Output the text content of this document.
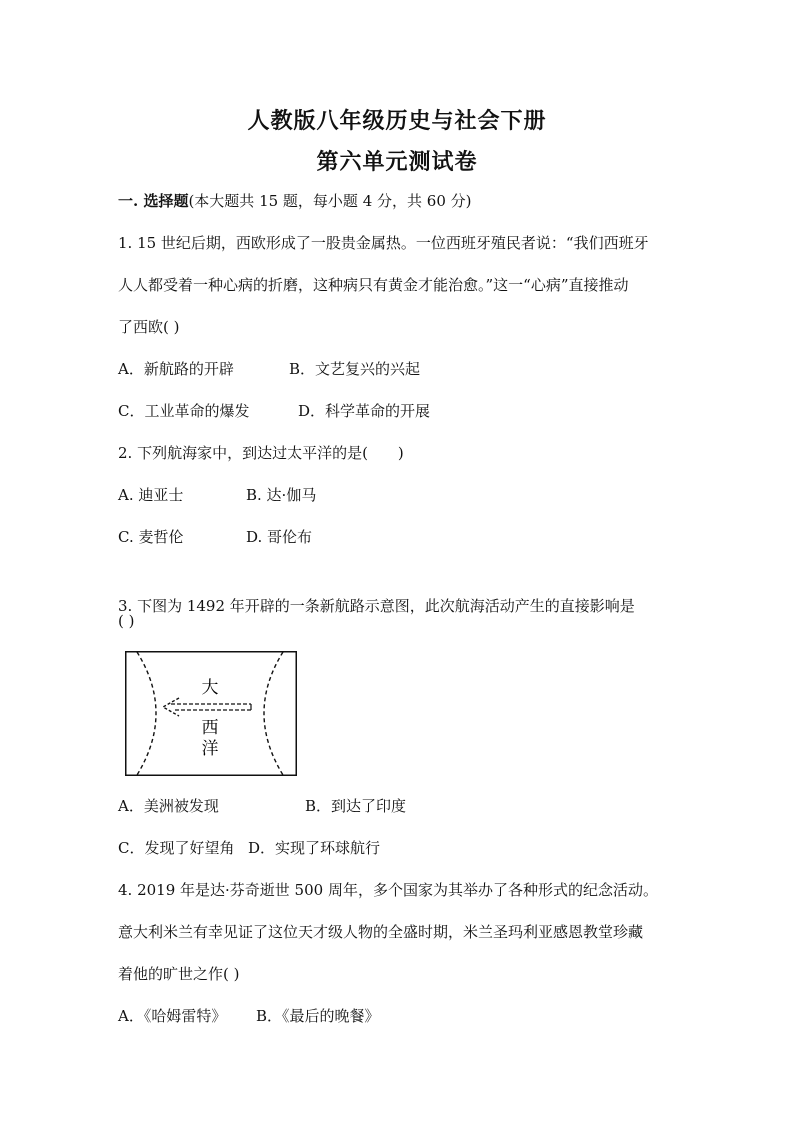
人教版八年级历史与社会下册
第六单元测试卷
一. 选择题(本大题共 15 题，每小题 4 分，共 60 分)
1. 15 世纪后期，西欧形成了一股贵金属热。一位西班牙殖民者说：“我们西班牙
人人都受着一种心病的折磨，这种病只有黄金才能治愈。”这一“心病”直接推动
了西欧( )
A．新航路的开辟	B．文艺复兴的兴起
C．工业革命的爆发	D．科学革命的开展
2. 下列航海家中，到达过太平洋的是(　　)
A. 迪亚士	B. 达·伽马
C. 麦哲伦	D. 哥伦布
3. 下图为 1492 年开辟的一条新航路示意图，此次航海活动产生的直接影响是
( )
大
西
洋
A．美洲被发现	B．到达了印度
C．发现了好望角 D．实现了环球航行
4. 2019 年是达·芬奇逝世 500 周年，多个国家为其举办了各种形式的纪念活动。
意大利米兰有幸见证了这位天才级人物的全盛时期，米兰圣玛利亚感恩教堂珍藏
着他的旷世之作( )
A．《哈姆雷特》 B．《最后的晚餐》
